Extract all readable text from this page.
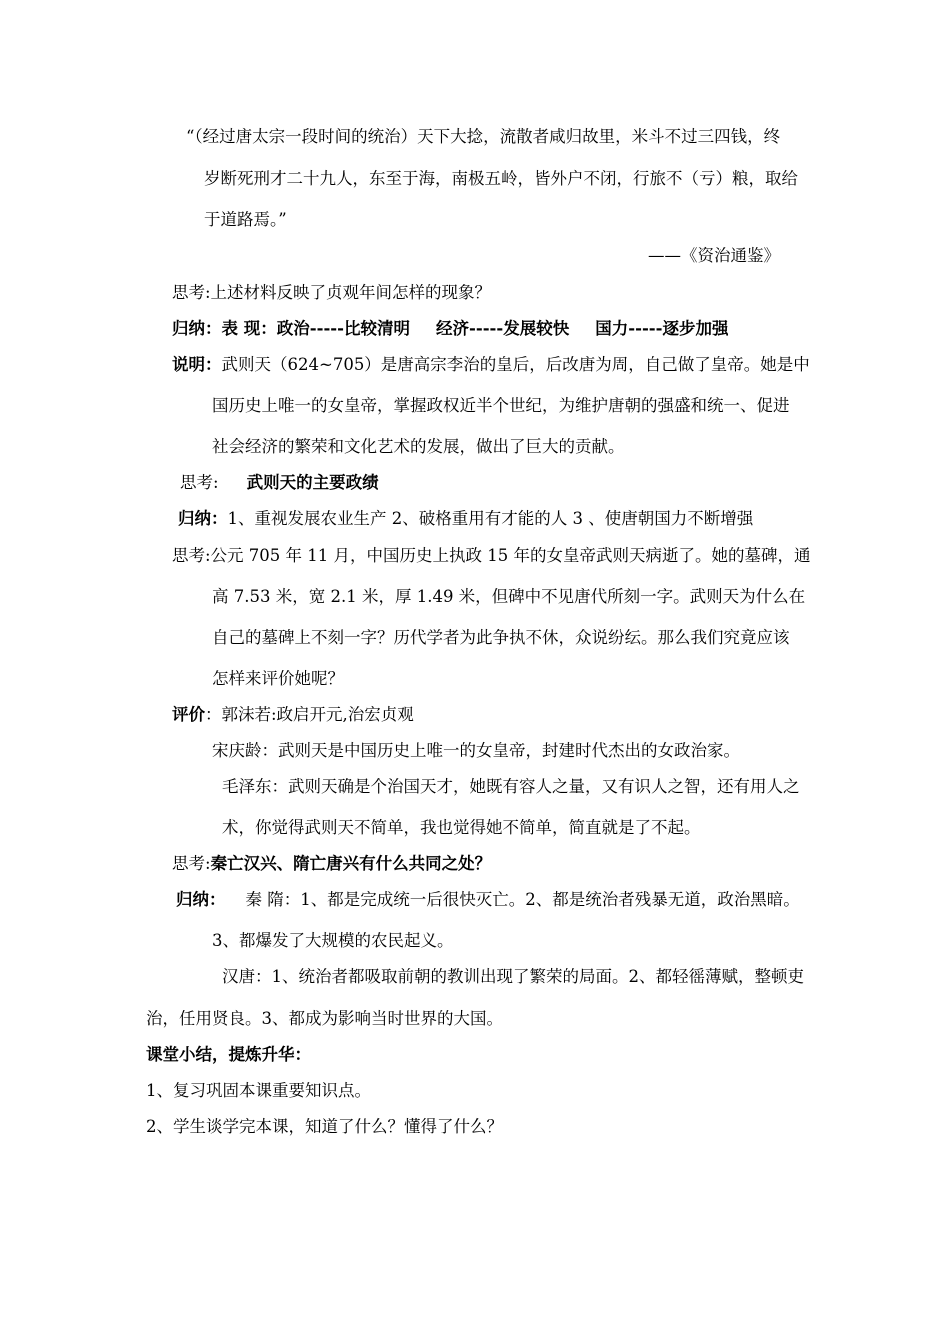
“（经过唐太宗一段时间的统治）天下大捻，流散者咸归故里，米斗不过三四钱，终
岁断死刑才二十九人，东至于海，南极五岭，皆外户不闭，行旅不（亏）粮，取给
于道路焉。”
——《资治通鉴》
思考:上述材料反映了贞观年间怎样的现象？
归纳：表 现：政治-----比较清明 经济-----发展较快 国力-----逐步加强
说明：武则天（624~705）是唐高宗李治的皇后，后改唐为周，自己做了皇帝。她是中
国历史上唯一的女皇帝，掌握政权近半个世纪，为维护唐朝的强盛和统一、促进
社会经济的繁荣和文化艺术的发展，做出了巨大的贡献。
思考: 武则天的主要政绩
归纳：1、重视发展农业生产 2、破格重用有才能的人 3 、使唐朝国力不断增强
思考:公元 705 年 11 月，中国历史上执政 15 年的女皇帝武则天病逝了。她的墓碑，通
高 7.53 米，宽 2.1 米，厚 1.49 米，但碑中不见唐代所刻一字。武则天为什么在
自己的墓碑上不刻一字？历代学者为此争执不休，众说纷纭。那么我们究竟应该
怎样来评价她呢？
评价：郭沫若:政启开元,治宏贞观
宋庆龄：武则天是中国历史上唯一的女皇帝，封建时代杰出的女政治家。
毛泽东：武则天确是个治国天才，她既有容人之量，又有识人之智，还有用人之
术，你觉得武则天不简单，我也觉得她不简单，简直就是了不起。
思考:秦亡汉兴、隋亡唐兴有什么共同之处？
归纳： 秦 隋：1、都是完成统一后很快灭亡。2、都是统治者残暴无道，政治黑暗。
3、都爆发了大规模的农民起义。
汉唐：1、统治者都吸取前朝的教训出现了繁荣的局面。2、都轻徭薄赋，整顿吏
治，任用贤良。3、都成为影响当时世界的大国。
课堂小结，提炼升华：
1、复习巩固本课重要知识点。
2、学生谈学完本课，知道了什么？懂得了什么？
